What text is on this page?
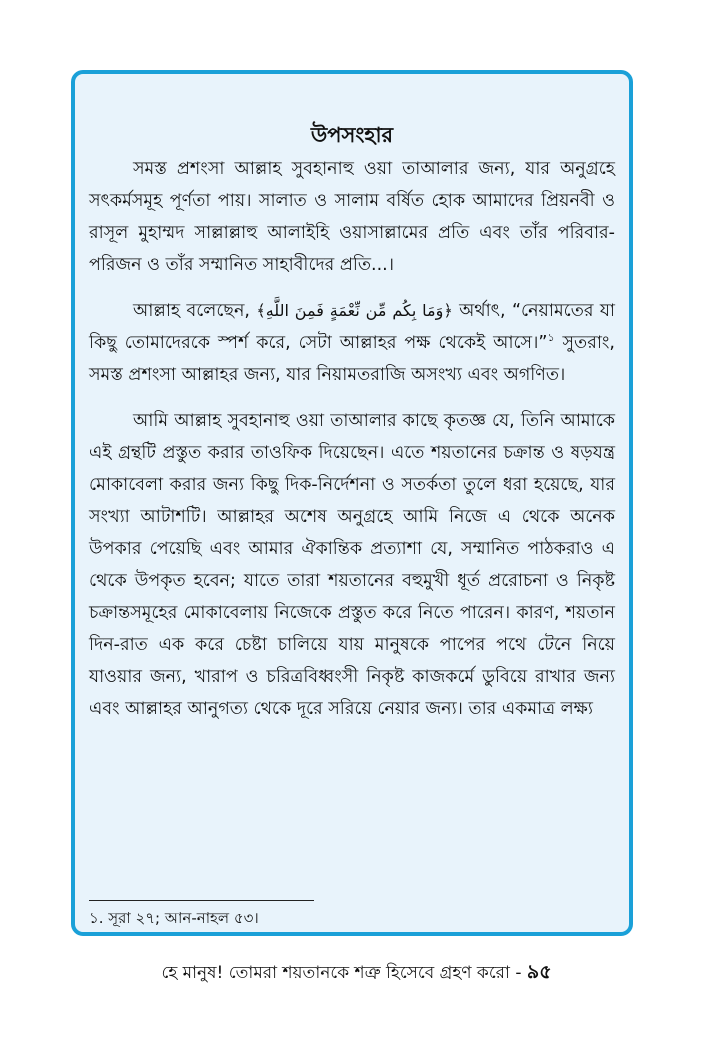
উপসংহার

সমস্ত প্রশংসা আল্লাহ সুবহানাহু ওয়া তাআলার জন্য, যার অনুগ্রহে সৎকর্মসমূহ পূর্ণতা পায়। সালাত ও সালাম বর্ষিত হোক আমাদের প্রিয়নবী ও রাসূল মুহাম্মদ সাল্লাল্লাহু আলাইহি ওয়াসাল্লামের প্রতি এবং তাঁর পরিবার-পরিজন ও তাঁর সম্মানিত সাহাবীদের প্রতি...।

আল্লাহ বলেছেন, ﴿وَمَا بِكُم مِّن نِّعْمَةٍ فَمِنَ اللَّهِ﴾ অর্থাৎ, “নেয়ামতের যা কিছু তোমাদেরকে স্পর্শ করে, সেটা আল্লাহর পক্ষ থেকেই আসে।”$^১$ সুতরাং, সমস্ত প্রশংসা আল্লাহর জন্য, যার নিয়ামতরাজি অসংখ্য এবং অগণিত।

আমি আল্লাহ সুবহানাহু ওয়া তাআলার কাছে কৃতজ্ঞ যে, তিনি আমাকে এই গ্রন্থটি প্রস্তুত করার তাওফিক দিয়েছেন। এতে শয়তানের চক্রান্ত ও ষড়যন্ত্র মোকাবেলা করার জন্য কিছু দিক-নির্দেশনা ও সতর্কতা তুলে ধরা হয়েছে, যার সংখ্যা আটাশটি। আল্লাহর অশেষ অনুগ্রহে আমি নিজে এ থেকে অনেক উপকার পেয়েছি এবং আমার ঐকান্তিক প্রত্যাশা যে, সম্মানিত পাঠকরাও এ থেকে উপকৃত হবেন; যাতে তারা শয়তানের বহুমুখী ধূর্ত প্ররোচনা ও নিকৃষ্ট চক্রান্তসমূহের মোকাবেলায় নিজেকে প্রস্তুত করে নিতে পারেন। কারণ, শয়তান দিন-রাত এক করে চেষ্টা চালিয়ে যায় মানুষকে পাপের পথে টেনে নিয়ে যাওয়ার জন্য, খারাপ ও চরিত্রবিধ্বংসী নিকৃষ্ট কাজকর্মে ডুবিয়ে রাখার জন্য এবং আল্লাহর আনুগত্য থেকে দূরে সরিয়ে নেয়ার জন্য। তার একমাত্র লক্ষ্য

১. সূরা ২৭; আন-নাহল ৫৩।
হে মানুষ! তোমরা শয়তানকে শত্রু হিসেবে গ্রহণ করো - ৯৫
